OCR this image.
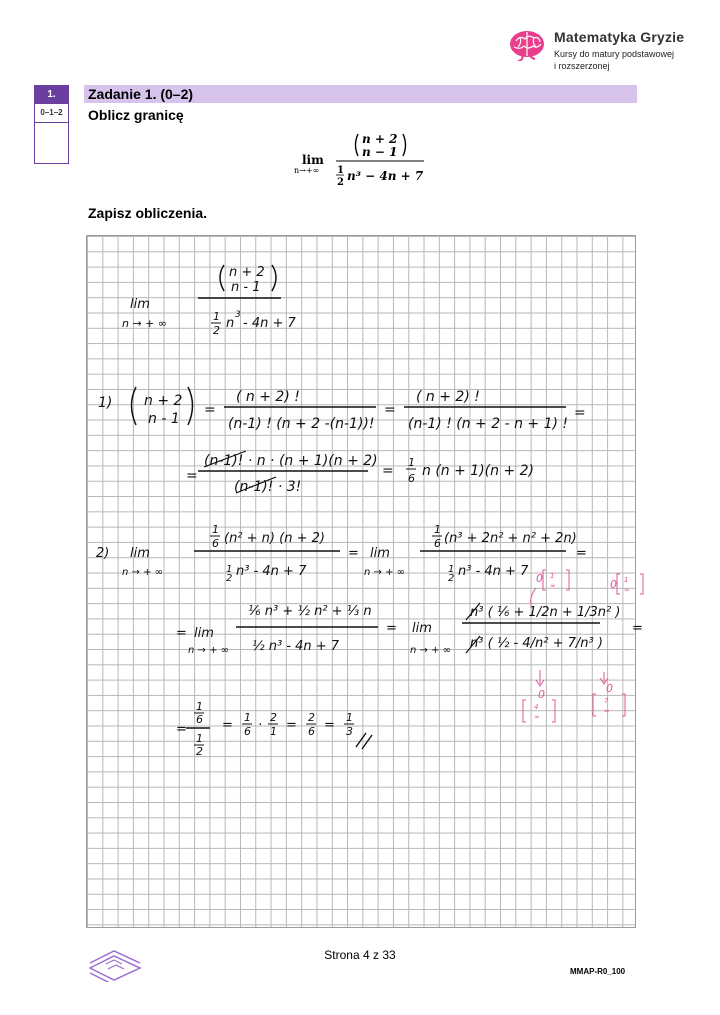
Matematyka Gryzie
Kursy do matury podstawowej
i rozszerzonej
1.
0–1–2
Zadanie 1. (0–2)
Oblicz granicę
lim
n→+∞
n + 2
n − 1
1
2 n³ − 4n + 7
Zapisz obliczenia.
lim
n → + ∞
n + 2
n - 1
1
2 n
3
- 4n + 7
1) n + 2
n - 1
=
( n + 2) !
(n-1) ! (n + 2 -(n-1))!
=
( n + 2) !
(n-1) ! (n + 2 - n + 1) !
=
=
(n-1)! · n · (n + 1)(n + 2)
(n-1)! · 3!
=
1
6 n (n + 1)(n + 2)
2) lim
n → + ∞
1
6 (n² + n) (n + 2)
1
2 n³ - 4n + 7
= lim
n → + ∞
1
6 (n³ + 2n² + n² + 2n)
1
2 n³ - 4n + 7
=
= lim
n → + ∞
⅙ n³ + ½ n² + ⅓ n
½ n³ - 4n + 7
= lim
n → + ∞
n³ ( ⅙ + 1/2n + 1/3n² )
n³ ( ½ - 4/n² + 7/n³ )
=
1
6
=
1
2
=
1
6 ·
2
1 =
2
6 =
1
3
0 1
∞	0 1
∞
0
4
∞
0
7
∞
Strona 4 z 33
MMAP-R0_100
